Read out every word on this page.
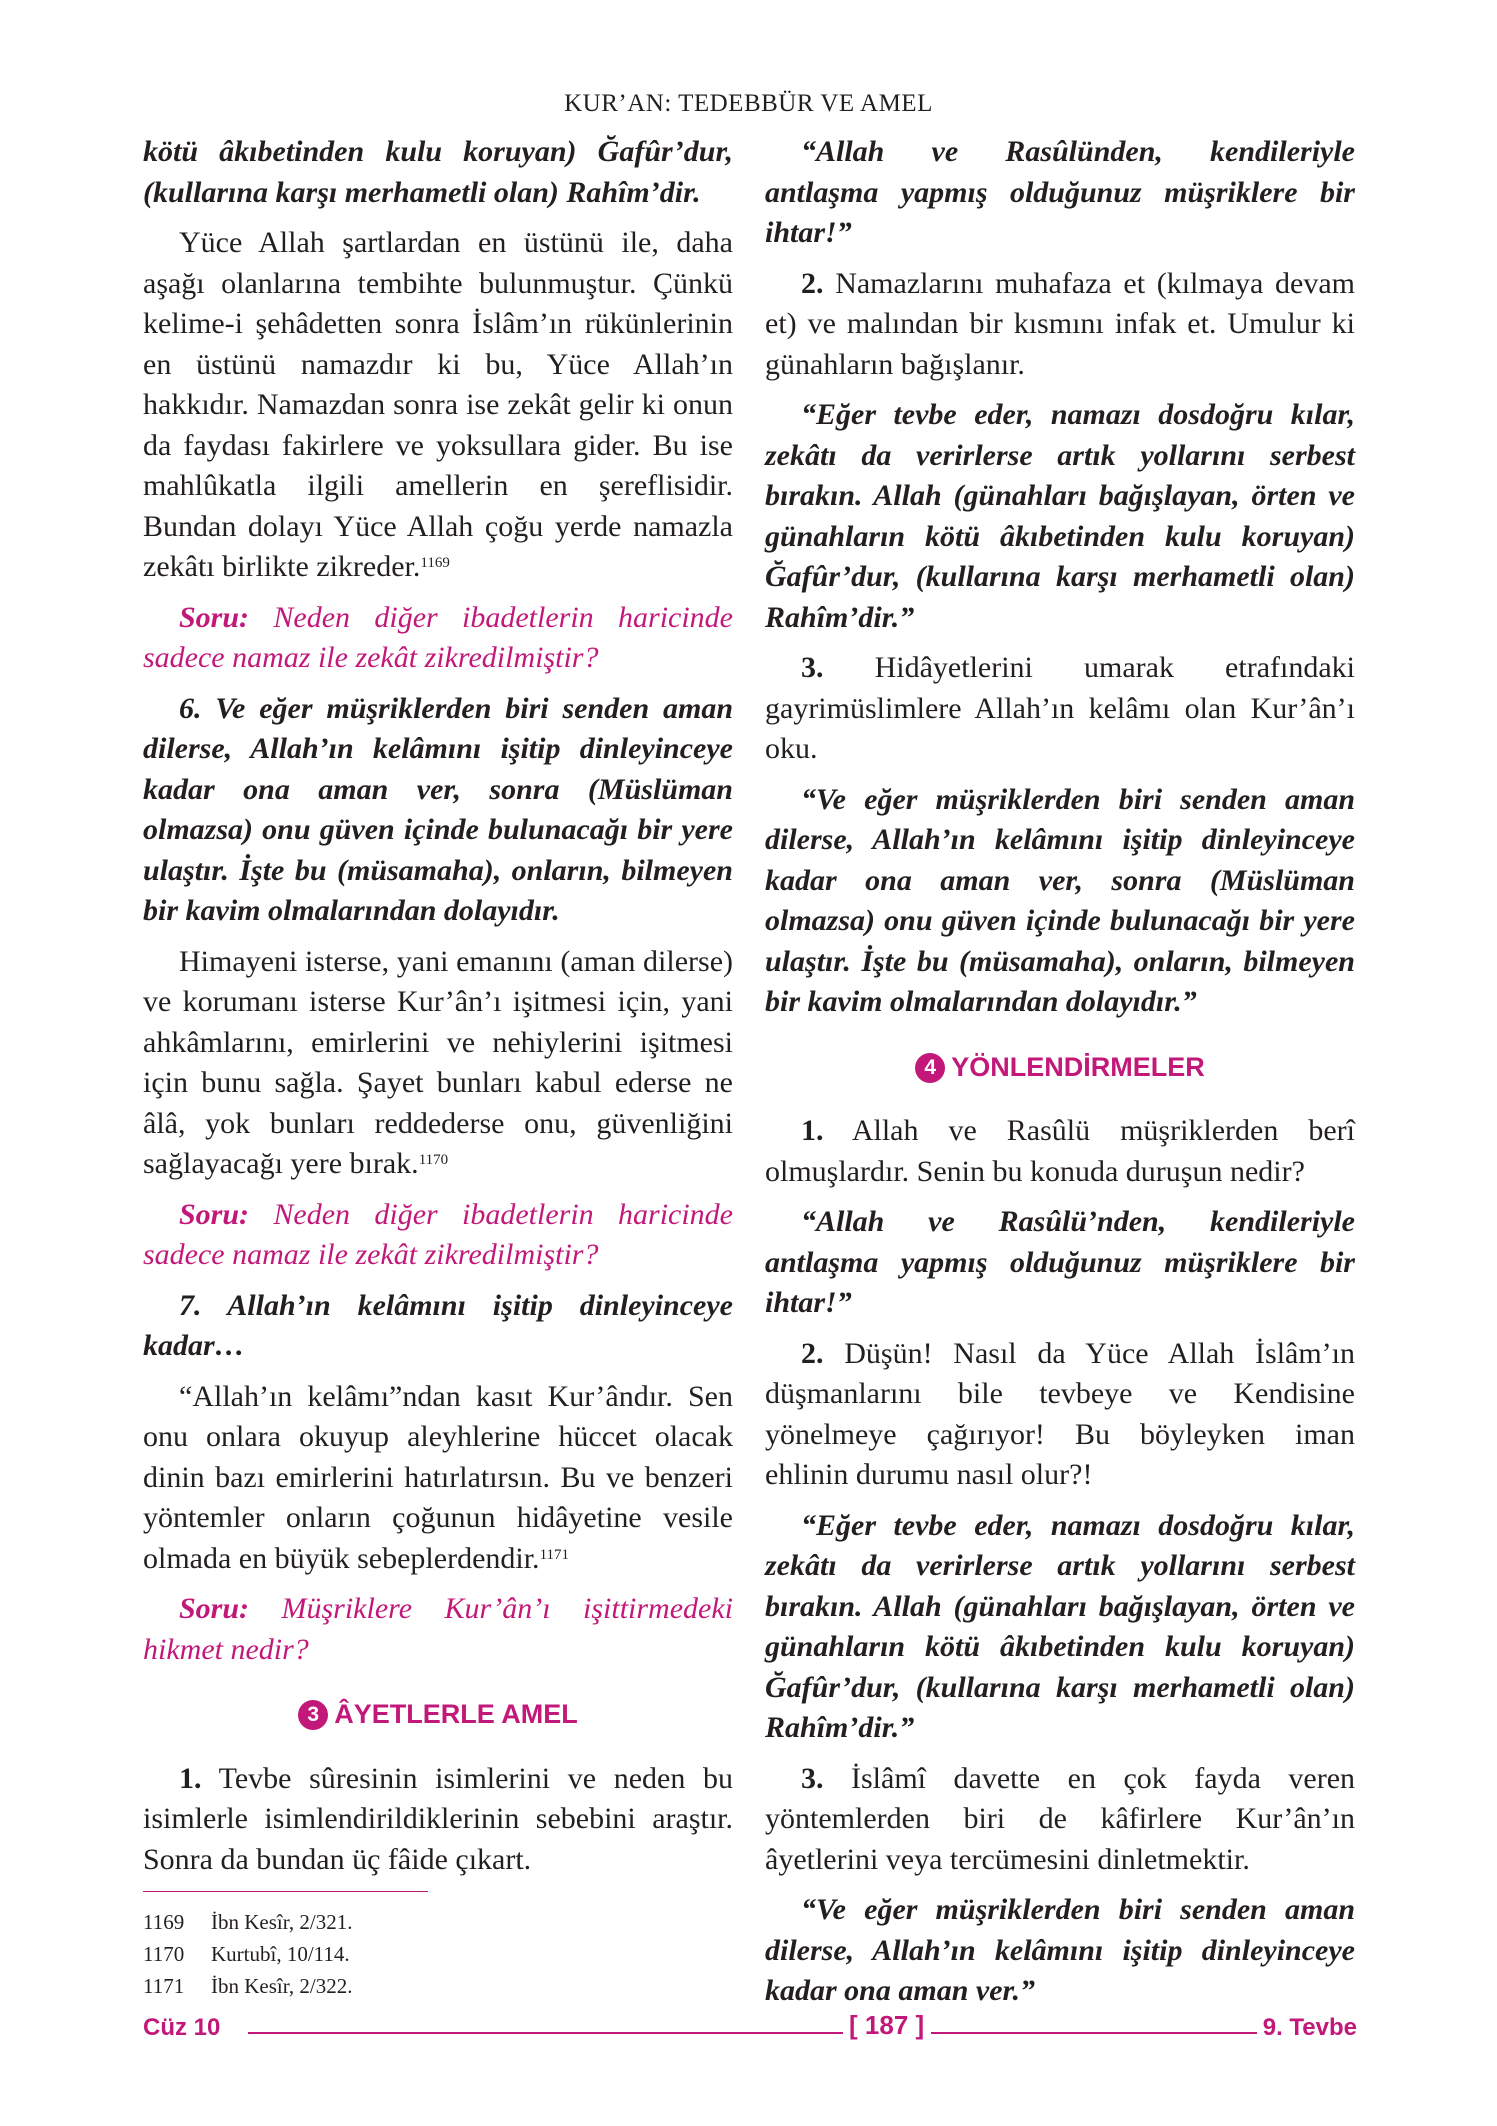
KUR’AN: TEDEBBÜR VE AMEL

kötü âkıbetinden kulu koruyan) Ğafûr’dur, (kullarına karşı merhametli olan) Rahîm’dir.

Yüce Allah şartlardan en üstünü ile, daha aşağı olanlarına tembihte bulunmuştur. Çünkü kelime-i şehâdetten sonra İslâm’ın rükünlerinin en üstünü namazdır ki bu, Yüce Allah’ın hakkıdır. Namazdan sonra ise zekât gelir ki onun da faydası fakirlere ve yoksullara gider. Bu ise mahlûkatla ilgili amellerin en şereflisidir. Bundan dolayı Yüce Allah çoğu yerde namazla zekâtı birlikte zikreder.$^{1169}$

Soru: Neden diğer ibadetlerin haricinde sadece namaz ile zekât zikredilmiştir?

6. Ve eğer müşriklerden biri senden aman dilerse, Allah’ın kelâmını işitip dinleyinceye kadar ona aman ver, sonra (Müslüman olmazsa) onu güven içinde bulunacağı bir yere ulaştır. İşte bu (müsamaha), onların, bilmeyen bir kavim olmalarından dolayıdır.

Himayeni isterse, yani emanını (aman dilerse) ve korumanı isterse Kur’ân’ı işitmesi için, yani ahkâmlarını, emirlerini ve nehiylerini işitmesi için bunu sağla. Şayet bunları kabul ederse ne âlâ, yok bunları reddederse onu, güvenliğini sağlayacağı yere bırak.$^{1170}$

Soru: Neden diğer ibadetlerin haricinde sadece namaz ile zekât zikredilmiştir?

7. Allah’ın kelâmını işitip dinleyinceye kadar…

“Allah’ın kelâmı”ndan kasıt Kur’ândır. Sen onu onlara okuyup aleyhlerine hüccet olacak dinin bazı emirlerini hatırlatırsın. Bu ve benzeri yöntemler onların çoğunun hidâyetine vesile olmada en büyük sebeplerdendir.$^{1171}$

Soru: Müşriklere Kur’ân’ı işittirmedeki hikmet nedir?

3 ÂYETLERLE AMEL

1. Tevbe sûresinin isimlerini ve neden bu isimlerle isimlendirildiklerinin sebebini araştır. Sonra da bundan üç fâide çıkart.

“Allah ve Rasûlünden, kendileriyle antlaşma yapmış olduğunuz müşriklere bir ihtar!”

2. Namazlarını muhafaza et (kılmaya devam et) ve malından bir kısmını infak et. Umulur ki günahların bağışlanır.

“Eğer tevbe eder, namazı dosdoğru kılar, zekâtı da verirlerse artık yollarını serbest bırakın. Allah (günahları bağışlayan, örten ve günahların kötü âkıbetinden kulu koruyan) Ğafûr’dur, (kullarına karşı merhametli olan) Rahîm’dir.”

3. Hidâyetlerini umarak etrafındaki gayrimüslimlere Allah’ın kelâmı olan Kur’ân’ı oku.

“Ve eğer müşriklerden biri senden aman dilerse, Allah’ın kelâmını işitip dinleyinceye kadar ona aman ver, sonra (Müslüman olmazsa) onu güven içinde bulunacağı bir yere ulaştır. İşte bu (müsamaha), onların, bilmeyen bir kavim olmalarından dolayıdır.”

4 YÖNLENDİRMELER

1. Allah ve Rasûlü müşriklerden berî olmuşlardır. Senin bu konuda duruşun nedir?

“Allah ve Rasûlü’nden, kendileriyle antlaşma yapmış olduğunuz müşriklere bir ihtar!”

2. Düşün! Nasıl da Yüce Allah İslâm’ın düşmanlarını bile tevbeye ve Kendisine yönelmeye çağırıyor! Bu böyleyken iman ehlinin durumu nasıl olur?!

“Eğer tevbe eder, namazı dosdoğru kılar, zekâtı da verirlerse artık yollarını serbest bırakın. Allah (günahları bağışlayan, örten ve günahların kötü âkıbetinden kulu koruyan) Ğafûr’dur, (kullarına karşı merhametli olan) Rahîm’dir.”

3. İslâmî davette en çok fayda veren yöntemlerden biri de kâfirlere Kur’ân’ın âyetlerini veya tercümesini dinletmektir.

“Ve eğer müşriklerden biri senden aman dilerse, Allah’ın kelâmını işitip dinleyinceye kadar ona aman ver.”

1169 İbn Kesîr, 2/321.
1170 Kurtubî, 10/114.
1171 İbn Kesîr, 2/322.
Cüz 10	[ 187 ]	9. Tevbe
